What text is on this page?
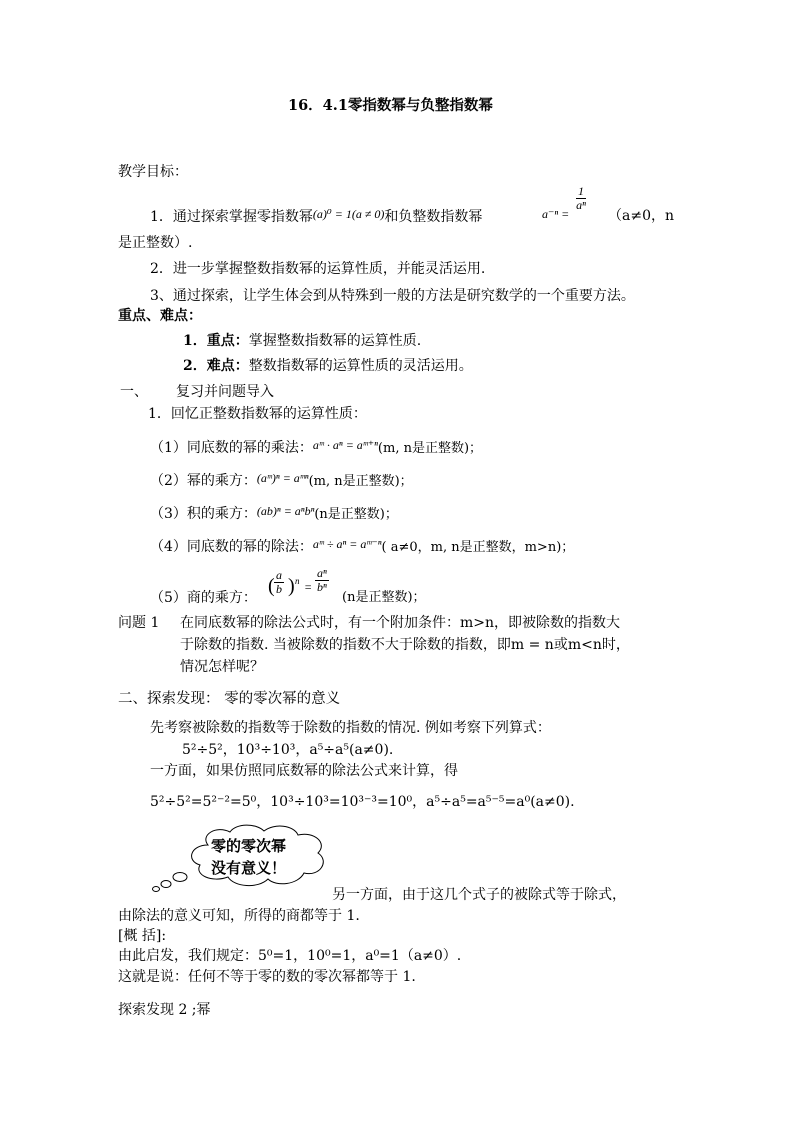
16．4.1零指数幂与负整指数幂
教学目标：
1．通过探索掌握零指数幂(a)⁰ = 1(a ≠ 0)和负整数指数幂	a⁻ⁿ =
$\frac{1}{\text{aⁿ}}$
（a≠0，n
是正整数）.
2．进一步掌握整数指数幂的运算性质，并能灵活运用.
3、通过探索，让学生体会到从特殊到一般的方法是研究数学的一个重要方法。
重点、难点：
1．重点：掌握整数指数幂的运算性质.
2．难点：整数指数幂的运算性质的灵活运用。
一、 复习并问题导入
1．回忆正整数指数幂的运算性质：
（1）同底数的幂的乘法：aᵐ · aⁿ = aᵐ⁺ⁿ(m, n是正整数)；
（2）幂的乘方：(aᵐ)ⁿ = aᵐⁿ(m, n是正整数)；
（3）积的乘方：(ab)ⁿ = aⁿbⁿ(n是正整数)；
（4）同底数的幂的除法：aᵐ ÷ aⁿ = aᵐ⁻ⁿ( a≠0，m, n是正整数，m>n)；
（5）商的乘方：
( $\frac{a}{b}$ ) $n = \frac{\text{aⁿ}}{\text{bⁿ}}$
(n是正整数)；
问题 1 在同底数幂的除法公式时，有一个附加条件：m>n，即被除数的指数大
于除数的指数. 当被除数的指数不大于除数的指数，即m = n或m<n时，
情况怎样呢？
二、探索发现： 零的零次幂的意义
先考察被除数的指数等于除数的指数的情况. 例如考察下列算式：
5²÷5²，10³÷10³，a⁵÷a⁵(a≠0).
一方面，如果仿照同底数幂的除法公式来计算，得
5²÷5²=5²⁻²=5⁰，10³÷10³=10³⁻³=10⁰，a⁵÷a⁵=a⁵⁻⁵=a⁰(a≠0).
零的零次幂
没有意义！
另一方面，由于这几个式子的被除式等于除式，
由除法的意义可知，所得的商都等于 1.
[概 括]:
由此启发，我们规定：5⁰=1，10⁰=1，a⁰=1（a≠0）.
这就是说：任何不等于零的数的零次幂都等于 1.
探索发现 2 ;幂
